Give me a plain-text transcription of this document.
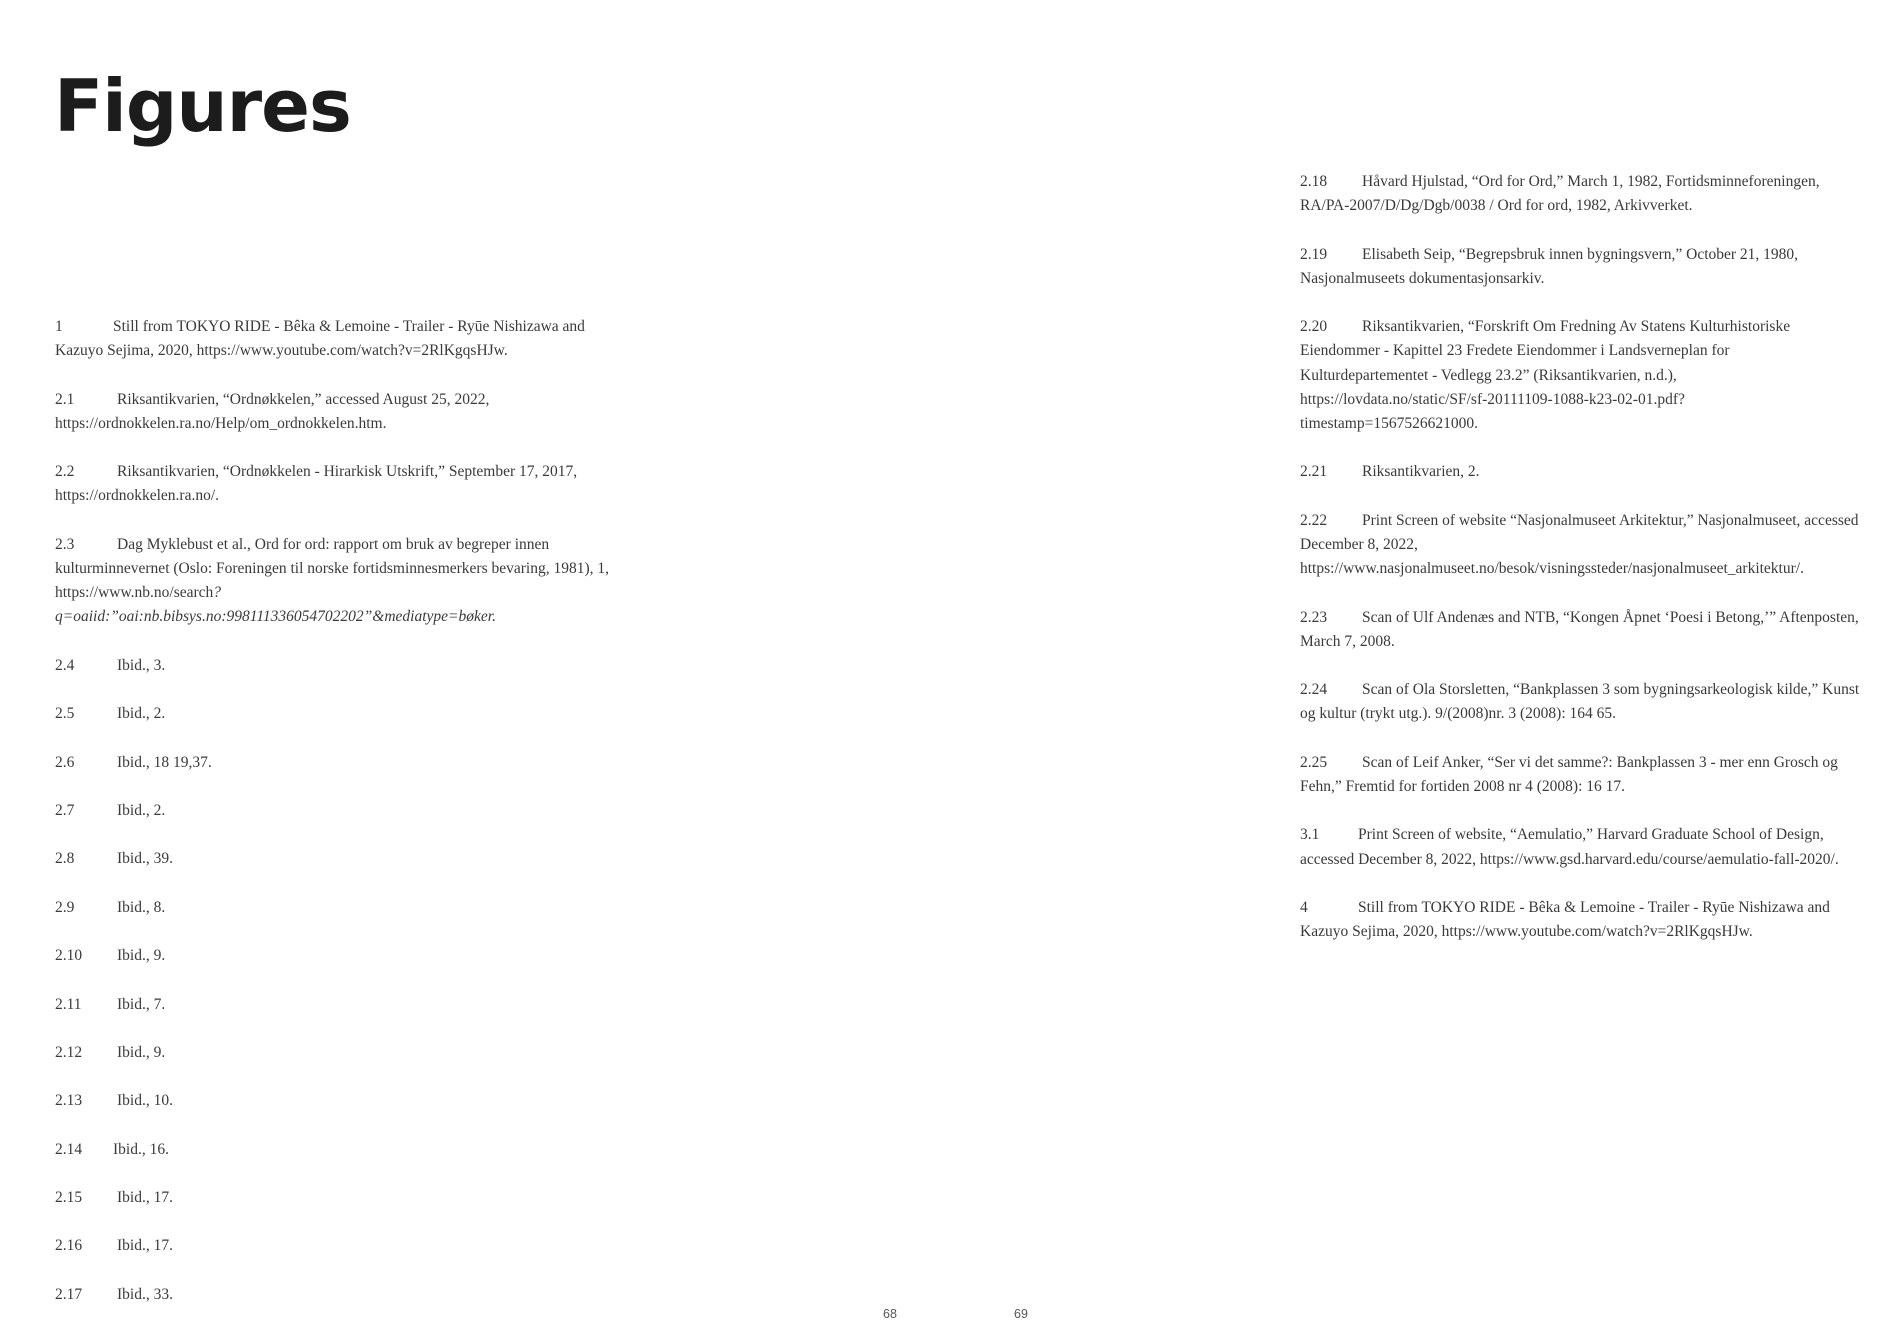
Figures

1	Still from TOKYO RIDE - Bêka & Lemoine - Trailer - Ryūe Nishizawa and Kazuyo Sejima, 2020, https://www.youtube.com/watch?v=2RlKgqsHJw.

2.1	Riksantikvarien, “Ordnøkkelen,” accessed August 25, 2022, https://ordnokkelen.ra.no/Help/om_ordnokkelen.htm.

2.2	Riksantikvarien, “Ordnøkkelen - Hirarkisk Utskrift,” September 17, 2017, https://ordnokkelen.ra.no/.

2.3	Dag Myklebust et al., Ord for ord: rapport om bruk av begreper innen kulturminnevernet (Oslo: Foreningen til norske fortidsminnesmerkers bevaring, 1981), 1, https://www.nb.no/search?q=oaiid:”oai:nb.bibsys.no:998111336054702202”&mediatype=bøker.

2.4	Ibid., 3.

2.5	Ibid., 2.

2.6	Ibid., 18 19,37.

2.7	Ibid., 2.

2.8	Ibid., 39.

2.9	Ibid., 8.

2.10 Ibid., 9.

2.11 Ibid., 7.

2.12 Ibid., 9.

2.13 Ibid., 10.

2.14 Ibid., 16.

2.15 Ibid., 17.

2.16 Ibid., 17.

2.17 Ibid., 33.

2.18 Håvard Hjulstad, “Ord for Ord,” March 1, 1982, Fortidsminneforeningen, RA/PA-2007/D/Dg/Dgb/0038 / Ord for ord, 1982, Arkivverket.

2.19 Elisabeth Seip, “Begrepsbruk innen bygningsvern,” October 21, 1980, Nasjonalmuseets dokumentasjonsarkiv.

2.20 Riksantikvarien, “Forskrift Om Fredning Av Statens Kulturhistoriske Eiendommer - Kapittel 23 Fredete Eiendommer i Landsverneplan for Kulturdepartementet - Vedlegg 23.2” (Riksantikvarien, n.d.), https://lovdata.no/static/SF/sf-20111109-1088-k23-02-01.pdf?timestamp=1567526621000.

2.21 Riksantikvarien, 2.

2.22 Print Screen of website “Nasjonalmuseet Arkitektur,” Nasjonalmuseet, accessed December 8, 2022, https://www.nasjonalmuseet.no/besok/visningssteder/nasjonalmuseet_arkitektur/.

2.23 Scan of Ulf Andenæs and NTB, “Kongen Åpnet ‘Poesi i Betong,’” Aftenposten, March 7, 2008.

2.24 Scan of Ola Storsletten, “Bankplassen 3 som bygningsarkeologisk kilde,” Kunst og kultur (trykt utg.). 9/(2008)nr. 3 (2008): 164 65.

2.25 Scan of Leif Anker, “Ser vi det samme?: Bankplassen 3 - mer enn Grosch og Fehn,” Fremtid for fortiden 2008 nr 4 (2008): 16 17.

3.1 Print Screen of website, “Aemulatio,” Harvard Graduate School of Design, accessed December 8, 2022, https://www.gsd.harvard.edu/course/aemulatio-fall-2020/.

4	Still from TOKYO RIDE - Bêka & Lemoine - Trailer - Ryūe Nishizawa and Kazuyo Sejima, 2020, https://www.youtube.com/watch?v=2RlKgqsHJw.

68	69
